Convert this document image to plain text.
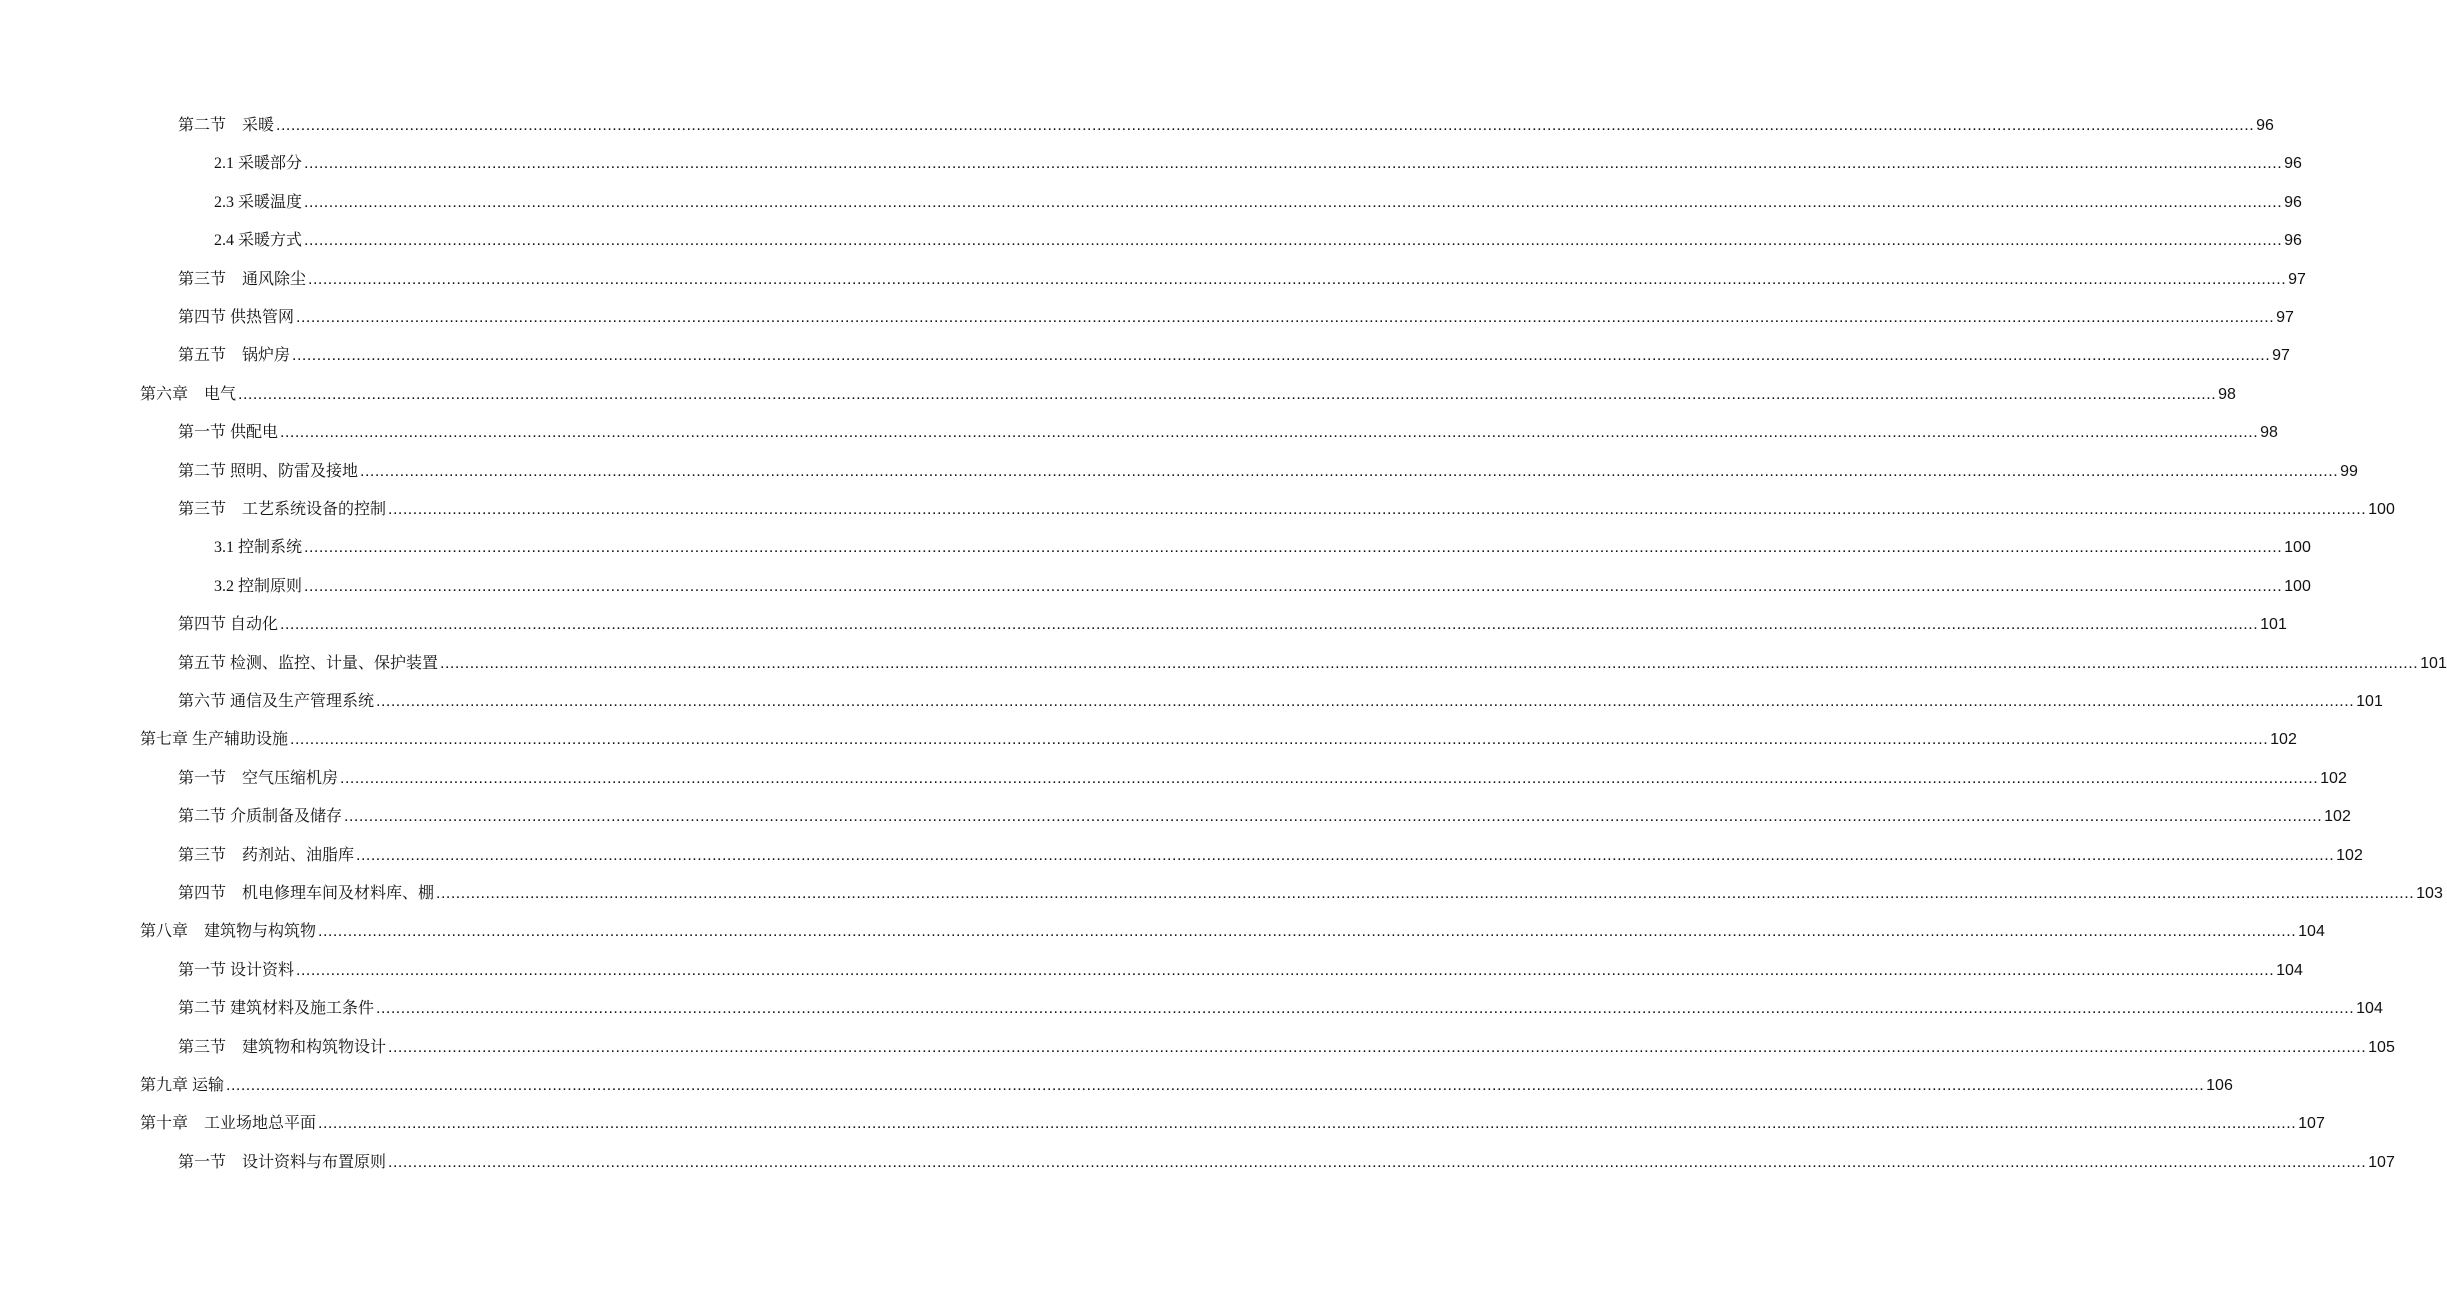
第二节　采暖 ................................................................................................................................................................................................................................................................................................................................................................................................................ 96
2.1 采暖部分 ................................................................................................................................................................................................................................................................................................................................................................................................................ 96
2.3 采暖温度 ................................................................................................................................................................................................................................................................................................................................................................................................................ 96
2.4 采暖方式 ................................................................................................................................................................................................................................................................................................................................................................................................................ 96
第三节　通风除尘 ................................................................................................................................................................................................................................................................................................................................................................................................................ 97
第四节 供热管网 ................................................................................................................................................................................................................................................................................................................................................................................................................ 97
第五节　锅炉房 ................................................................................................................................................................................................................................................................................................................................................................................................................ 97
第六章　电气 ................................................................................................................................................................................................................................................................................................................................................................................................................ 98
第一节 供配电 ................................................................................................................................................................................................................................................................................................................................................................................................................ 98
第二节 照明、防雷及接地 ................................................................................................................................................................................................................................................................................................................................................................................................................ 99
第三节　工艺系统设备的控制 ................................................................................................................................................................................................................................................................................................................................................................................................................ 100
3.1 控制系统 ................................................................................................................................................................................................................................................................................................................................................................................................................ 100
3.2 控制原则 ................................................................................................................................................................................................................................................................................................................................................................................................................ 100
第四节 自动化 ................................................................................................................................................................................................................................................................................................................................................................................................................ 101
第五节 检测、监控、计量、保护装置 ................................................................................................................................................................................................................................................................................................................................................................................................................ 101
第六节 通信及生产管理系统 ................................................................................................................................................................................................................................................................................................................................................................................................................ 101
第七章 生产辅助设施 ................................................................................................................................................................................................................................................................................................................................................................................................................ 102
第一节　空气压缩机房 ................................................................................................................................................................................................................................................................................................................................................................................................................ 102
第二节 介质制备及储存 ................................................................................................................................................................................................................................................................................................................................................................................................................ 102
第三节　药剂站、油脂库 ................................................................................................................................................................................................................................................................................................................................................................................................................ 102
第四节　机电修理车间及材料库、棚 ................................................................................................................................................................................................................................................................................................................................................................................................................ 103
第八章　建筑物与构筑物 ................................................................................................................................................................................................................................................................................................................................................................................................................ 104
第一节 设计资料 ................................................................................................................................................................................................................................................................................................................................................................................................................ 104
第二节 建筑材料及施工条件 ................................................................................................................................................................................................................................................................................................................................................................................................................ 104
第三节　建筑物和构筑物设计 ................................................................................................................................................................................................................................................................................................................................................................................................................ 105
第九章 运输 ................................................................................................................................................................................................................................................................................................................................................................................................................ 106
第十章　工业场地总平面 ................................................................................................................................................................................................................................................................................................................................................................................................................ 107
第一节　设计资料与布置原则 ................................................................................................................................................................................................................................................................................................................................................................................................................ 107
